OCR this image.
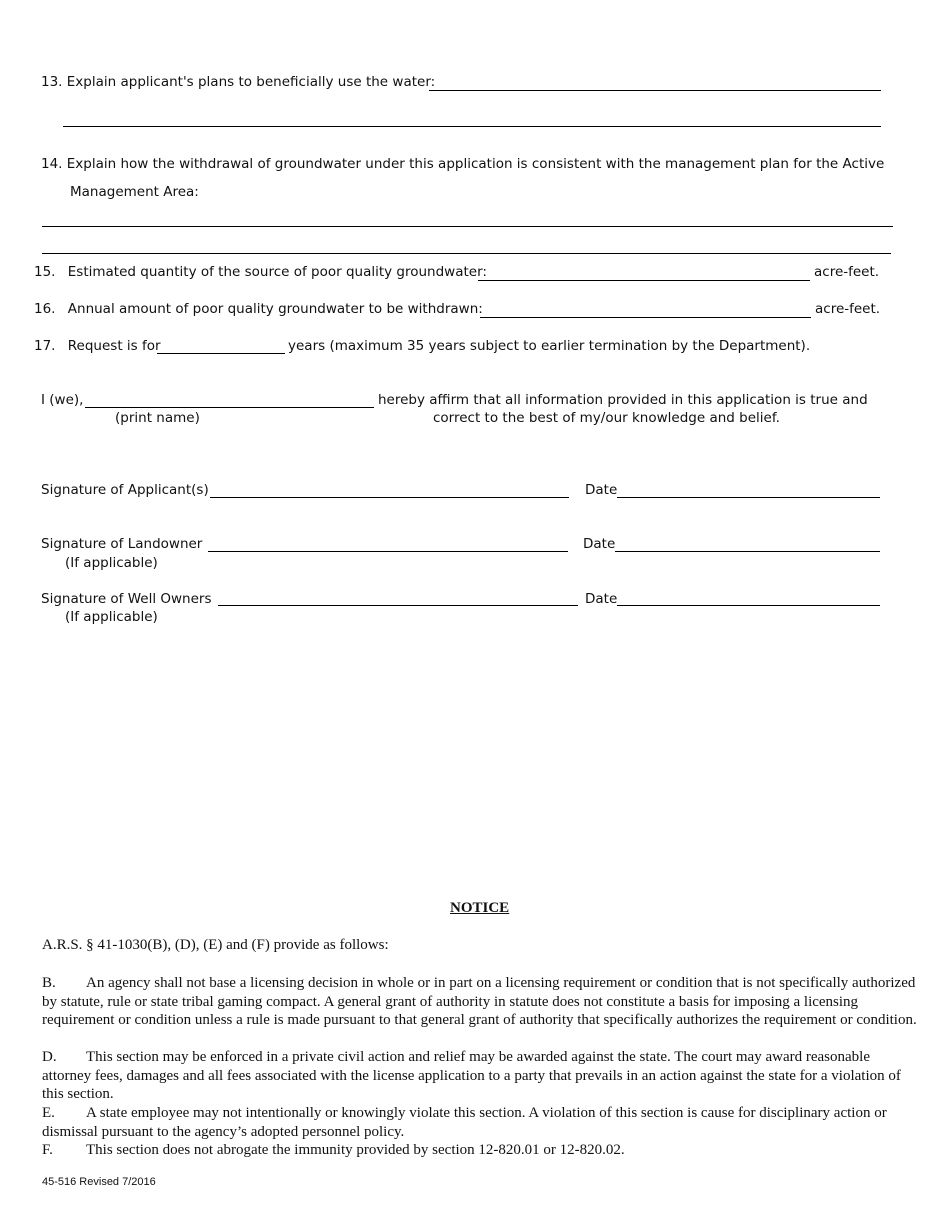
13. Explain applicant's plans to beneficially use the water:
14. Explain how the withdrawal of groundwater under this application is consistent with the management plan for the Active
Management Area:
15. Estimated quantity of the source of poor quality groundwater:	acre-feet.
16. Annual amount of poor quality groundwater to be withdrawn:	acre-feet.
17. Request is for	years (maximum 35 years subject to earlier termination by the Department).
I (we),	hereby affirm that all information provided in this application is true and
(print name)	correct to the best of my/our knowledge and belief.
Signature of Applicant(s)	Date
Signature of Landowner	Date
(If applicable)
Signature of Well Owners	Date
(If applicable)
NOTICE
A.R.S. § 41-1030(B), (D), (E) and (F) provide as follows:
B. An agency shall not base a licensing decision in whole or in part on a licensing requirement or condition that is not specifically authorized by statute, rule or state tribal gaming compact. A general grant of authority in statute does not constitute a basis for imposing a licensing requirement or condition unless a rule is made pursuant to that general grant of authority that specifically authorizes the requirement or condition.
D. This section may be enforced in a private civil action and relief may be awarded against the state. The court may award reasonable attorney fees, damages and all fees associated with the license application to a party that prevails in an action against the state for a violation of this section.
E. A state employee may not intentionally or knowingly violate this section. A violation of this section is cause for disciplinary action or dismissal pursuant to the agency’s adopted personnel policy.
F. This section does not abrogate the immunity provided by section 12-820.01 or 12-820.02.
45-516 Revised 7/2016
